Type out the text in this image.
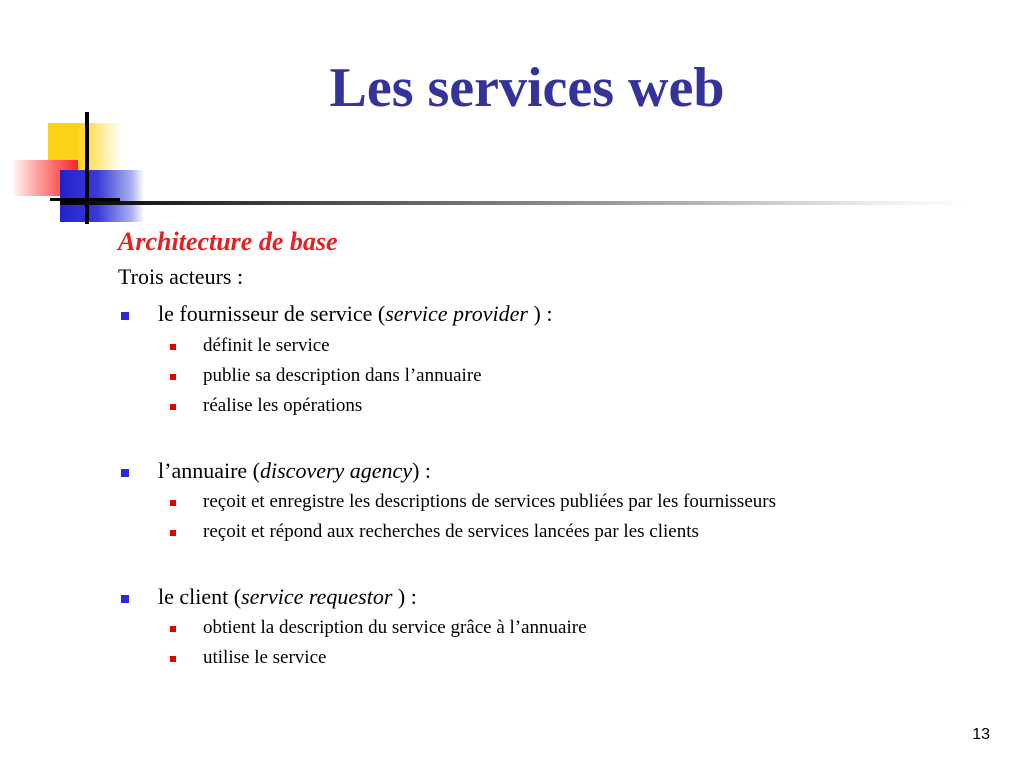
Les services web
Architecture de base
Trois acteurs :
le fournisseur de service (service provider ) :
définit le service
publie sa description dans l’annuaire
réalise les opérations
l’annuaire (discovery agency) :
reçoit et enregistre les descriptions de services publiées par les fournisseurs
reçoit et répond aux recherches de services lancées par les clients
le client (service requestor ) :
obtient la description du service grâce à l’annuaire
utilise le service
13
